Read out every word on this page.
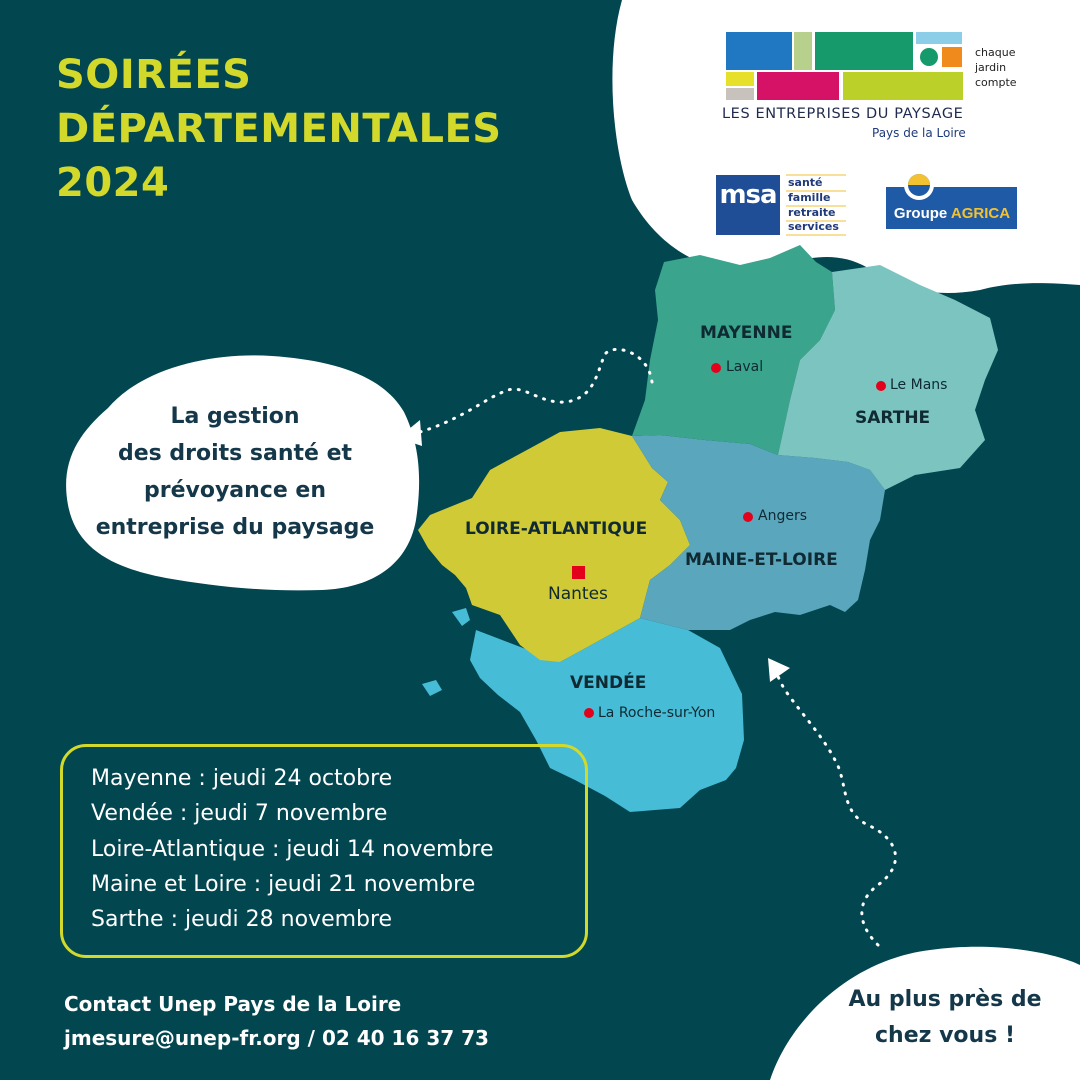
SOIRÉES
DÉPARTEMENTALES
2024
La gestion
des droits santé et
prévoyance en
entreprise du paysage
Au plus près de
chez vous !
MAYENNE
SARTHE
LOIRE-ATLANTIQUE
MAINE-ET-LOIRE
VENDÉE
Laval
Le Mans
Angers
Nantes
La Roche-sur-Yon
Mayenne : jeudi 24 octobre
Vendée : jeudi 7 novembre
Loire-Atlantique : jeudi 14 novembre
Maine et Loire : jeudi 21 novembre
Sarthe : jeudi 28 novembre
Contact Unep Pays de la Loire
jmesure@unep-fr.org / 02 40 16 37 73
LES ENTREPRISES DU PAYSAGE
Pays de la Loire
chaque
jardin
compte
msa santé
famille
retraite
services
Groupe AGRICA
